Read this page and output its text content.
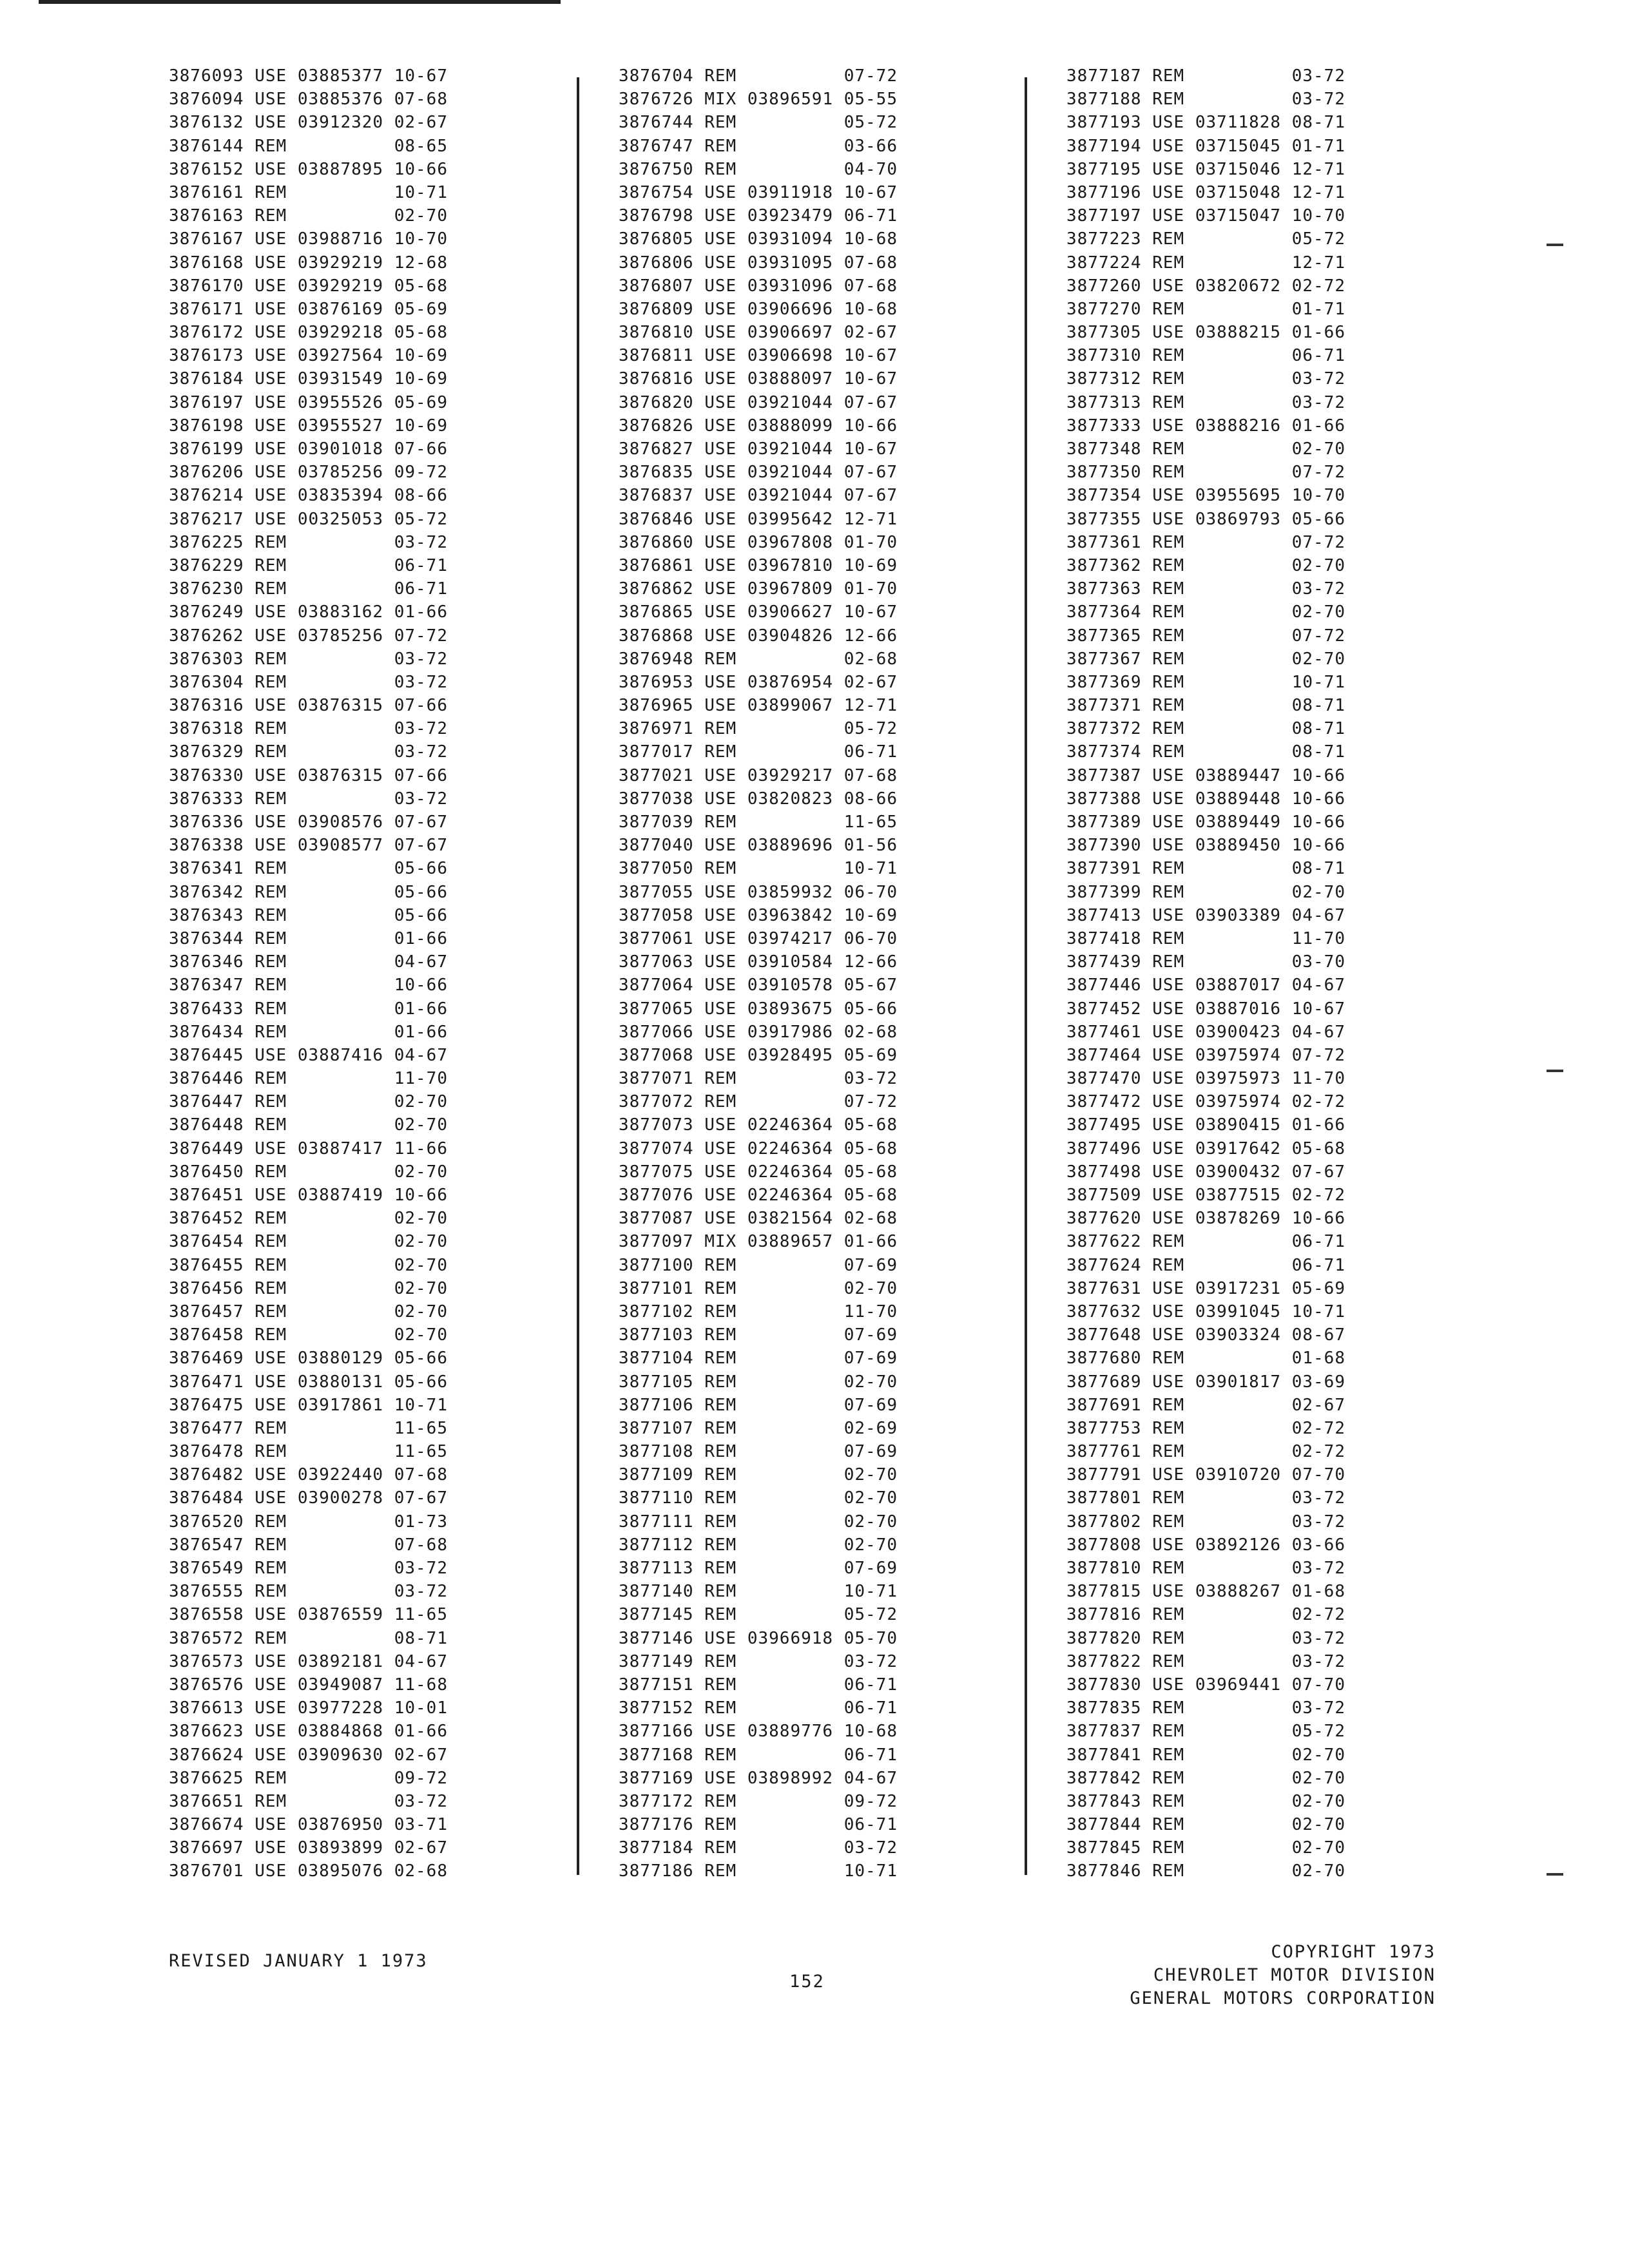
3876093 USE 03885377 10-67
3876094 USE 03885376 07-68
3876132 USE 03912320 02-67
3876144 REM          08-65
3876152 USE 03887895 10-66
3876161 REM          10-71
3876163 REM          02-70
3876167 USE 03988716 10-70
3876168 USE 03929219 12-68
3876170 USE 03929219 05-68
3876171 USE 03876169 05-69
3876172 USE 03929218 05-68
3876173 USE 03927564 10-69
3876184 USE 03931549 10-69
3876197 USE 03955526 05-69
3876198 USE 03955527 10-69
3876199 USE 03901018 07-66
3876206 USE 03785256 09-72
3876214 USE 03835394 08-66
3876217 USE 00325053 05-72
3876225 REM          03-72
3876229 REM          06-71
3876230 REM          06-71
3876249 USE 03883162 01-66
3876262 USE 03785256 07-72
3876303 REM          03-72
3876304 REM          03-72
3876316 USE 03876315 07-66
3876318 REM          03-72
3876329 REM          03-72
3876330 USE 03876315 07-66
3876333 REM          03-72
3876336 USE 03908576 07-67
3876338 USE 03908577 07-67
3876341 REM          05-66
3876342 REM          05-66
3876343 REM          05-66
3876344 REM          01-66
3876346 REM          04-67
3876347 REM          10-66
3876433 REM          01-66
3876434 REM          01-66
3876445 USE 03887416 04-67
3876446 REM          11-70
3876447 REM          02-70
3876448 REM          02-70
3876449 USE 03887417 11-66
3876450 REM          02-70
3876451 USE 03887419 10-66
3876452 REM          02-70
3876454 REM          02-70
3876455 REM          02-70
3876456 REM          02-70
3876457 REM          02-70
3876458 REM          02-70
3876469 USE 03880129 05-66
3876471 USE 03880131 05-66
3876475 USE 03917861 10-71
3876477 REM          11-65
3876478 REM          11-65
3876482 USE 03922440 07-68
3876484 USE 03900278 07-67
3876520 REM          01-73
3876547 REM          07-68
3876549 REM          03-72
3876555 REM          03-72
3876558 USE 03876559 11-65
3876572 REM          08-71
3876573 USE 03892181 04-67
3876576 USE 03949087 11-68
3876613 USE 03977228 10-01
3876623 USE 03884868 01-66
3876624 USE 03909630 02-67
3876625 REM          09-72
3876651 REM          03-72
3876674 USE 03876950 03-71
3876697 USE 03893899 02-67
3876701 USE 03895076 02-68
3876704 REM          07-72
3876726 MIX 03896591 05-55
3876744 REM          05-72
3876747 REM          03-66
3876750 REM          04-70
3876754 USE 03911918 10-67
3876798 USE 03923479 06-71
3876805 USE 03931094 10-68
3876806 USE 03931095 07-68
3876807 USE 03931096 07-68
3876809 USE 03906696 10-68
3876810 USE 03906697 02-67
3876811 USE 03906698 10-67
3876816 USE 03888097 10-67
3876820 USE 03921044 07-67
3876826 USE 03888099 10-66
3876827 USE 03921044 10-67
3876835 USE 03921044 07-67
3876837 USE 03921044 07-67
3876846 USE 03995642 12-71
3876860 USE 03967808 01-70
3876861 USE 03967810 10-69
3876862 USE 03967809 01-70
3876865 USE 03906627 10-67
3876868 USE 03904826 12-66
3876948 REM          02-68
3876953 USE 03876954 02-67
3876965 USE 03899067 12-71
3876971 REM          05-72
3877017 REM          06-71
3877021 USE 03929217 07-68
3877038 USE 03820823 08-66
3877039 REM          11-65
3877040 USE 03889696 01-56
3877050 REM          10-71
3877055 USE 03859932 06-70
3877058 USE 03963842 10-69
3877061 USE 03974217 06-70
3877063 USE 03910584 12-66
3877064 USE 03910578 05-67
3877065 USE 03893675 05-66
3877066 USE 03917986 02-68
3877068 USE 03928495 05-69
3877071 REM          03-72
3877072 REM          07-72
3877073 USE 02246364 05-68
3877074 USE 02246364 05-68
3877075 USE 02246364 05-68
3877076 USE 02246364 05-68
3877087 USE 03821564 02-68
3877097 MIX 03889657 01-66
3877100 REM          07-69
3877101 REM          02-70
3877102 REM          11-70
3877103 REM          07-69
3877104 REM          07-69
3877105 REM          02-70
3877106 REM          07-69
3877107 REM          02-69
3877108 REM          07-69
3877109 REM          02-70
3877110 REM          02-70
3877111 REM          02-70
3877112 REM          02-70
3877113 REM          07-69
3877140 REM          10-71
3877145 REM          05-72
3877146 USE 03966918 05-70
3877149 REM          03-72
3877151 REM          06-71
3877152 REM          06-71
3877166 USE 03889776 10-68
3877168 REM          06-71
3877169 USE 03898992 04-67
3877172 REM          09-72
3877176 REM          06-71
3877184 REM          03-72
3877186 REM          10-71
3877187 REM          03-72
3877188 REM          03-72
3877193 USE 03711828 08-71
3877194 USE 03715045 01-71
3877195 USE 03715046 12-71
3877196 USE 03715048 12-71
3877197 USE 03715047 10-70
3877223 REM          05-72
3877224 REM          12-71
3877260 USE 03820672 02-72
3877270 REM          01-71
3877305 USE 03888215 01-66
3877310 REM          06-71
3877312 REM          03-72
3877313 REM          03-72
3877333 USE 03888216 01-66
3877348 REM          02-70
3877350 REM          07-72
3877354 USE 03955695 10-70
3877355 USE 03869793 05-66
3877361 REM          07-72
3877362 REM          02-70
3877363 REM          03-72
3877364 REM          02-70
3877365 REM          07-72
3877367 REM          02-70
3877369 REM          10-71
3877371 REM          08-71
3877372 REM          08-71
3877374 REM          08-71
3877387 USE 03889447 10-66
3877388 USE 03889448 10-66
3877389 USE 03889449 10-66
3877390 USE 03889450 10-66
3877391 REM          08-71
3877399 REM          02-70
3877413 USE 03903389 04-67
3877418 REM          11-70
3877439 REM          03-70
3877446 USE 03887017 04-67
3877452 USE 03887016 10-67
3877461 USE 03900423 04-67
3877464 USE 03975974 07-72
3877470 USE 03975973 11-70
3877472 USE 03975974 02-72
3877495 USE 03890415 01-66
3877496 USE 03917642 05-68
3877498 USE 03900432 07-67
3877509 USE 03877515 02-72
3877620 USE 03878269 10-66
3877622 REM          06-71
3877624 REM          06-71
3877631 USE 03917231 05-69
3877632 USE 03991045 10-71
3877648 USE 03903324 08-67
3877680 REM          01-68
3877689 USE 03901817 03-69
3877691 REM          02-67
3877753 REM          02-72
3877761 REM          02-72
3877791 USE 03910720 07-70
3877801 REM          03-72
3877802 REM          03-72
3877808 USE 03892126 03-66
3877810 REM          03-72
3877815 USE 03888267 01-68
3877816 REM          02-72
3877820 REM          03-72
3877822 REM          03-72
3877830 USE 03969441 07-70
3877835 REM          03-72
3877837 REM          05-72
3877841 REM          02-70
3877842 REM          02-70
3877843 REM          02-70
3877844 REM          02-70
3877845 REM          02-70
3877846 REM          02-70
REVISED JANUARY 1 1973
152
COPYRIGHT 1973
CHEVROLET MOTOR DIVISION
GENERAL MOTORS CORPORATION
